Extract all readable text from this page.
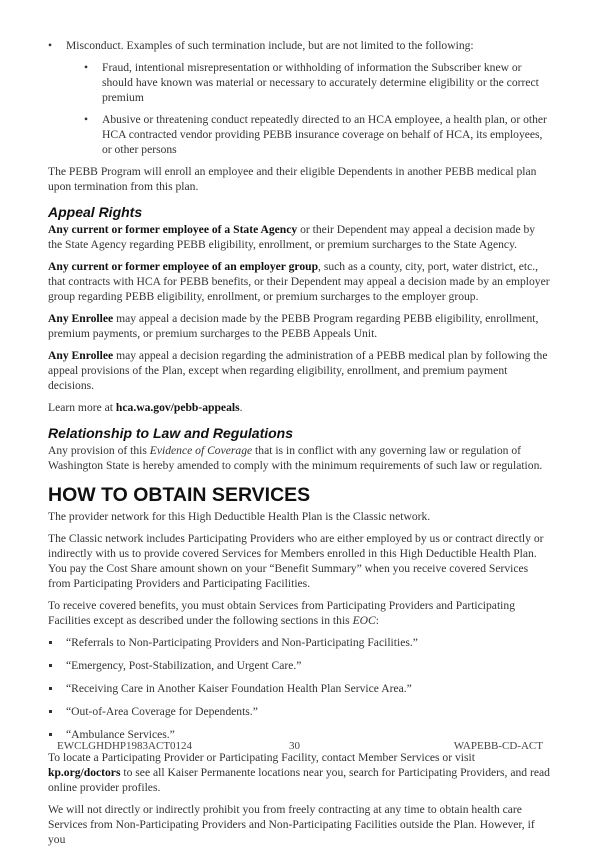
• Misconduct. Examples of such termination include, but are not limited to the following:
• Fraud, intentional misrepresentation or withholding of information the Subscriber knew or should have known was material or necessary to accurately determine eligibility or the correct premium
• Abusive or threatening conduct repeatedly directed to an HCA employee, a health plan, or other HCA contracted vendor providing PEBB insurance coverage on behalf of HCA, its employees, or other persons

The PEBB Program will enroll an employee and their eligible Dependents in another PEBB medical plan upon termination from this plan.

Appeal Rights

Any current or former employee of a State Agency or their Dependent may appeal a decision made by the State Agency regarding PEBB eligibility, enrollment, or premium surcharges to the State Agency.

Any current or former employee of an employer group, such as a county, city, port, water district, etc., that contracts with HCA for PEBB benefits, or their Dependent may appeal a decision made by an employer group regarding PEBB eligibility, enrollment, or premium surcharges to the employer group.

Any Enrollee may appeal a decision made by the PEBB Program regarding PEBB eligibility, enrollment, premium payments, or premium surcharges to the PEBB Appeals Unit.

Any Enrollee may appeal a decision regarding the administration of a PEBB medical plan by following the appeal provisions of the Plan, except when regarding eligibility, enrollment, and premium payment decisions.

Learn more at hca.wa.gov/pebb-appeals.

Relationship to Law and Regulations

Any provision of this Evidence of Coverage that is in conflict with any governing law or regulation of Washington State is hereby amended to comply with the minimum requirements of such law or regulation.

HOW TO OBTAIN SERVICES

The provider network for this High Deductible Health Plan is the Classic network.

The Classic network includes Participating Providers who are either employed by us or contract directly or indirectly with us to provide covered Services for Members enrolled in this High Deductible Health Plan. You pay the Cost Share amount shown on your “Benefit Summary” when you receive covered Services from Participating Providers and Participating Facilities.

To receive covered benefits, you must obtain Services from Participating Providers and Participating Facilities except as described under the following sections in this EOC:

“Referrals to Non-Participating Providers and Non-Participating Facilities.”
“Emergency, Post-Stabilization, and Urgent Care.”
“Receiving Care in Another Kaiser Foundation Health Plan Service Area.”
“Out-of-Area Coverage for Dependents.”
“Ambulance Services.”

To locate a Participating Provider or Participating Facility, contact Member Services or visit kp.org/doctors to see all Kaiser Permanente locations near you, search for Participating Providers, and read online provider profiles.

We will not directly or indirectly prohibit you from freely contracting at any time to obtain health care Services from Non-Participating Providers and Non-Participating Facilities outside the Plan. However, if you

EWCLGHDHP1983ACT0124	30	WAPEBB-CD-ACT
